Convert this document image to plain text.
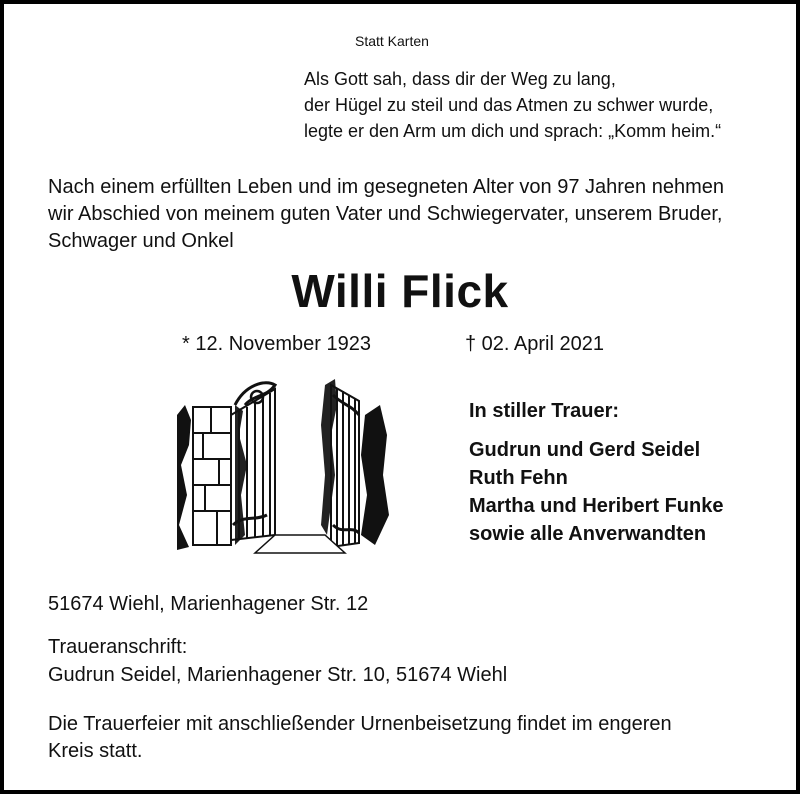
Statt Karten

Als Gott sah, dass dir der Weg zu lang,

der Hügel zu steil und das Atmen zu schwer wurde,

legte er den Arm um dich und sprach: „Komm heim.“

Nach einem erfüllten Leben und im gesegneten Alter von 97 Jahren nehmen

wir Abschied von meinem guten Vater und Schwiegervater, unserem Bruder,

Schwager und Onkel

Willi Flick

* 12. November 1923	† 02. April 2021

In stiller Trauer:

Gudrun und Gerd Seidel

Ruth Fehn

Martha und Heribert Funke

sowie alle Anverwandten

51674 Wiehl, Marienhagener Str. 12

Traueranschrift:

Gudrun Seidel, Marienhagener Str. 10, 51674 Wiehl

Die Trauerfeier mit anschließender Urnenbeisetzung findet im engeren

Kreis statt.
